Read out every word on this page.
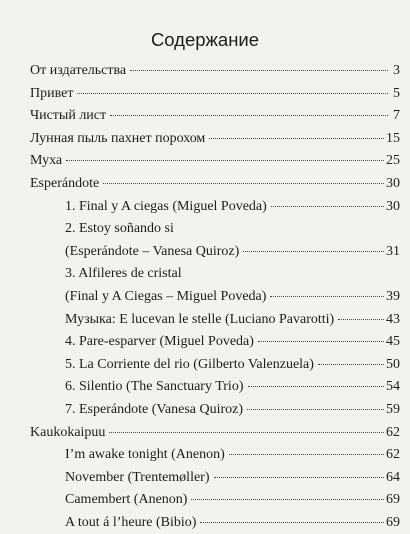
Содержание
От издательства	3
Привет	5
Чистый лист	7
Лунная пыль пахнет порохом	15
Муха	25
Esperándote	30
1. Final y A ciegas (Miguel Poveda)	30
2. Estoy soñando si
(Esperándote – Vanesa Quiroz)	31
3. Alfileres de cristal
(Final y A Ciegas – Miguel Poveda)	39
Музыка: E lucevan le stelle (Luciano Pavarotti)	43
4. Pare-esparver (Miguel Poveda)	45
5. La Corriente del rio (Gilberto Valenzuela)	50
6. Silentio (The Sanctuary Trio)	54
7. Esperándote (Vanesa Quiroz)	59
Kaukokaipuu	62
I’m awake tonight (Anenon)	62
November (Trentemøller)	64
Camembert (Anenon)	69
A tout á l’heure (Bibio)	69
